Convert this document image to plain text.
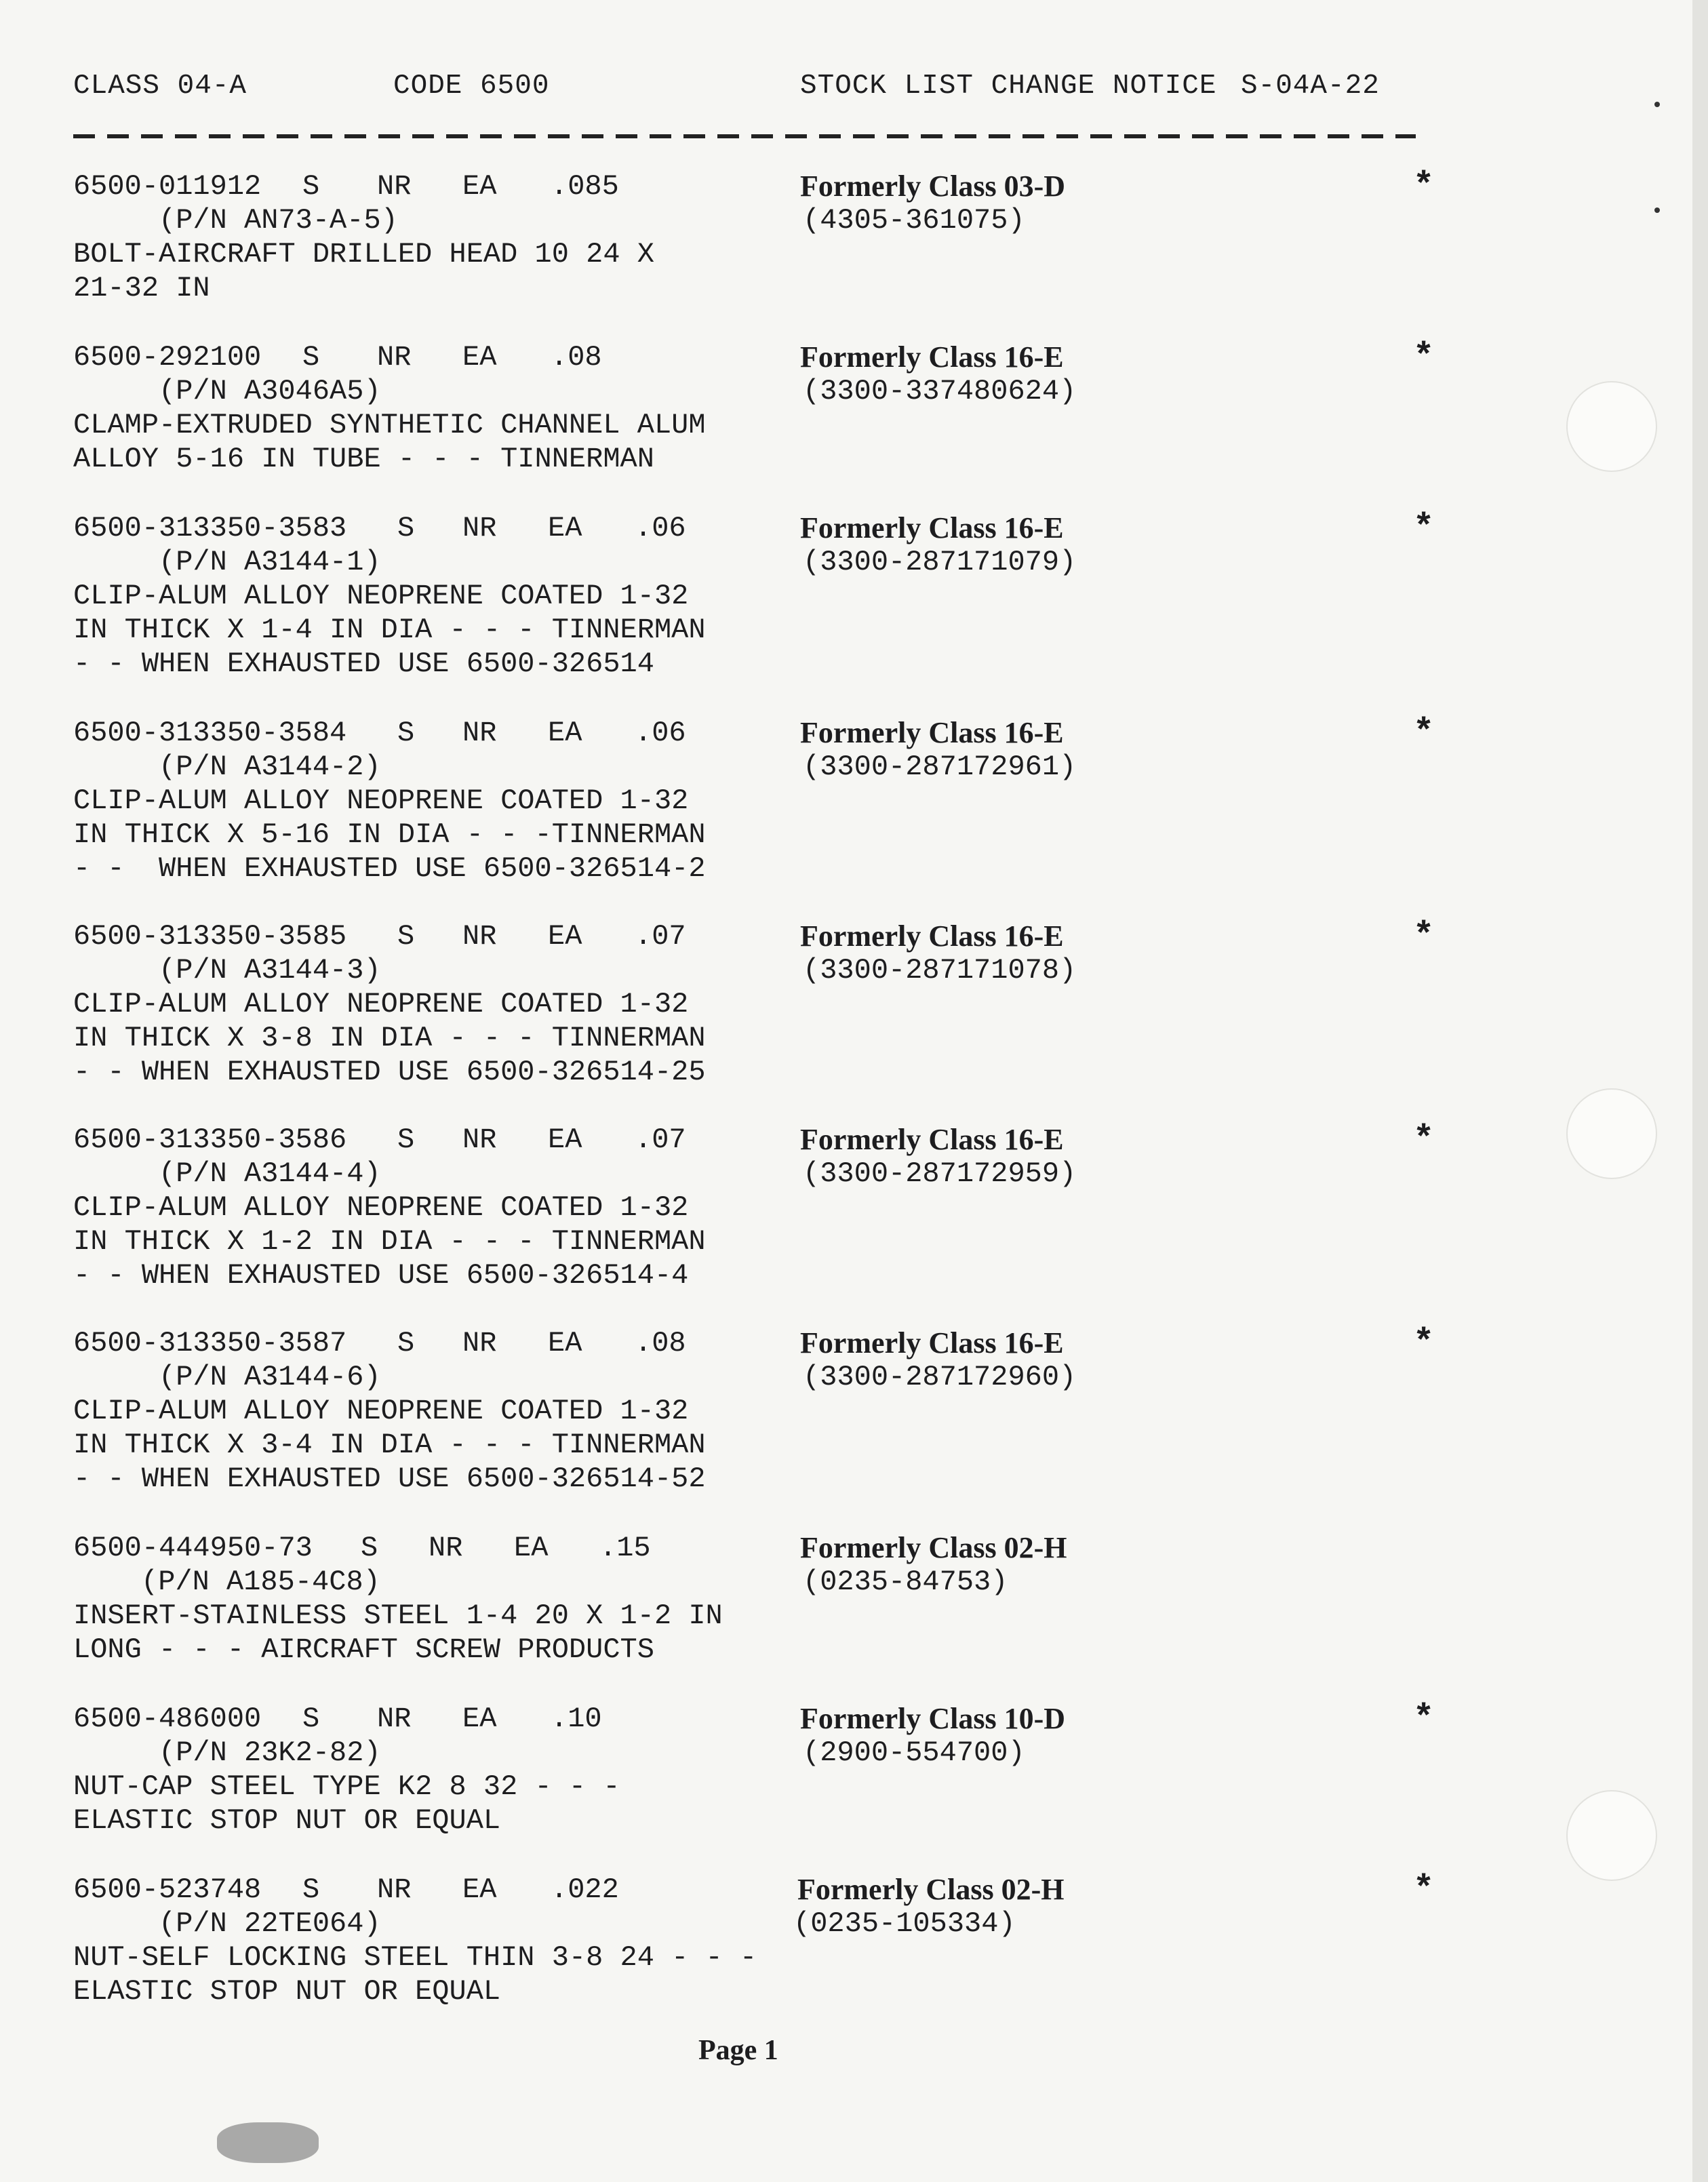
CLASS 04-A	CODE 6500	STOCK LIST CHANGE NOTICE S-04A-22
6500-011912 S NR EA .085
(P/N AN73-A-5)
BOLT-AIRCRAFT DRILLED HEAD 10 24 X
21-32 IN
Formerly Class 03-D
(4305-361075)
*
6500-292100 S NR EA .08
(P/N A3046A5)
CLAMP-EXTRUDED SYNTHETIC CHANNEL ALUM
ALLOY 5-16 IN TUBE - - - TINNERMAN
Formerly Class 16-E
(3300-337480624)
*
6500-313350-3583 S NR EA .06
(P/N A3144-1)
CLIP-ALUM ALLOY NEOPRENE COATED 1-32
IN THICK X 1-4 IN DIA - - - TINNERMAN
- - WHEN EXHAUSTED USE 6500-326514
Formerly Class 16-E
(3300-287171079)
*
6500-313350-3584 S NR EA .06
(P/N A3144-2)
CLIP-ALUM ALLOY NEOPRENE COATED 1-32
IN THICK X 5-16 IN DIA - - -TINNERMAN
- -  WHEN EXHAUSTED USE 6500-326514-2
Formerly Class 16-E
(3300-287172961)
*
6500-313350-3585 S NR EA .07
(P/N A3144-3)
CLIP-ALUM ALLOY NEOPRENE COATED 1-32
IN THICK X 3-8 IN DIA - - - TINNERMAN
- - WHEN EXHAUSTED USE 6500-326514-25
Formerly Class 16-E
(3300-287171078)
*
6500-313350-3586 S NR EA .07
(P/N A3144-4)
CLIP-ALUM ALLOY NEOPRENE COATED 1-32
IN THICK X 1-2 IN DIA - - - TINNERMAN
- - WHEN EXHAUSTED USE 6500-326514-4
Formerly Class 16-E
(3300-287172959)
*
6500-313350-3587 S NR EA .08
(P/N A3144-6)
CLIP-ALUM ALLOY NEOPRENE COATED 1-32
IN THICK X 3-4 IN DIA - - - TINNERMAN
- - WHEN EXHAUSTED USE 6500-326514-52
Formerly Class 16-E
(3300-287172960)
*
6500-444950-73 S NR EA .15
(P/N A185-4C8)
INSERT-STAINLESS STEEL 1-4 20 X 1-2 IN
LONG - - - AIRCRAFT SCREW PRODUCTS
Formerly Class 02-H
(0235-84753)
6500-486000 S NR EA .10
(P/N 23K2-82)
NUT-CAP STEEL TYPE K2 8 32 - - -
ELASTIC STOP NUT OR EQUAL
Formerly Class 10-D
(2900-554700)
*
6500-523748 S NR EA .022
(P/N 22TE064)
NUT-SELF LOCKING STEEL THIN 3-8 24 - - -
ELASTIC STOP NUT OR EQUAL
Formerly Class 02-H
(0235-105334)
*
Page 1
